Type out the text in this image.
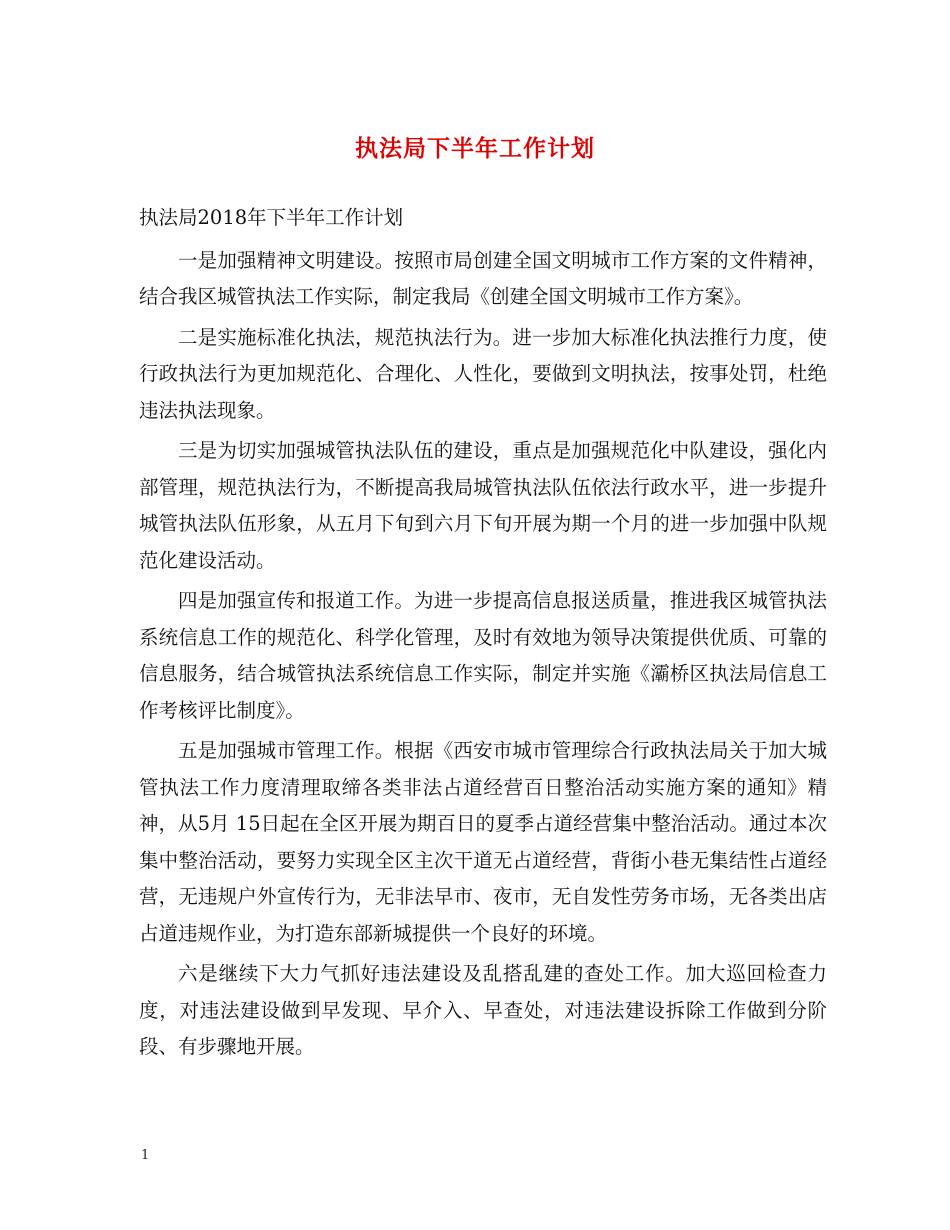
执法局下半年工作计划

执法局2018年下半年工作计划

一是加强精神文明建设。按照市局创建全国文明城市工作方案的文件精神，结合我区城管执法工作实际，制定我局《创建全国文明城市工作方案》。

二是实施标准化执法，规范执法行为。进一步加大标准化执法推行力度，使行政执法行为更加规范化、合理化、人性化，要做到文明执法，按事处罚，杜绝违法执法现象。

三是为切实加强城管执法队伍的建设，重点是加强规范化中队建设，强化内部管理，规范执法行为，不断提高我局城管执法队伍依法行政水平，进一步提升城管执法队伍形象，从五月下旬到六月下旬开展为期一个月的进一步加强中队规范化建设活动。

四是加强宣传和报道工作。为进一步提高信息报送质量，推进我区城管执法系统信息工作的规范化、科学化管理，及时有效地为领导决策提供优质、可靠的信息服务，结合城管执法系统信息工作实际，制定并实施《灞桥区执法局信息工作考核评比制度》。

五是加强城市管理工作。根据《西安市城市管理综合行政执法局关于加大城管执法工作力度清理取缔各类非法占道经营百日整治活动实施方案的通知》精神，从5月 15日起在全区开展为期百日的夏季占道经营集中整治活动。通过本次集中整治活动，要努力实现全区主次干道无占道经营，背街小巷无集结性占道经营，无违规户外宣传行为，无非法早市、夜市，无自发性劳务市场，无各类出店占道违规作业，为打造东部新城提供一个良好的环境。

六是继续下大力气抓好违法建设及乱搭乱建的查处工作。加大巡回检查力度，对违法建设做到早发现、早介入、早查处，对违法建设拆除工作做到分阶段、有步骤地开展。

1
